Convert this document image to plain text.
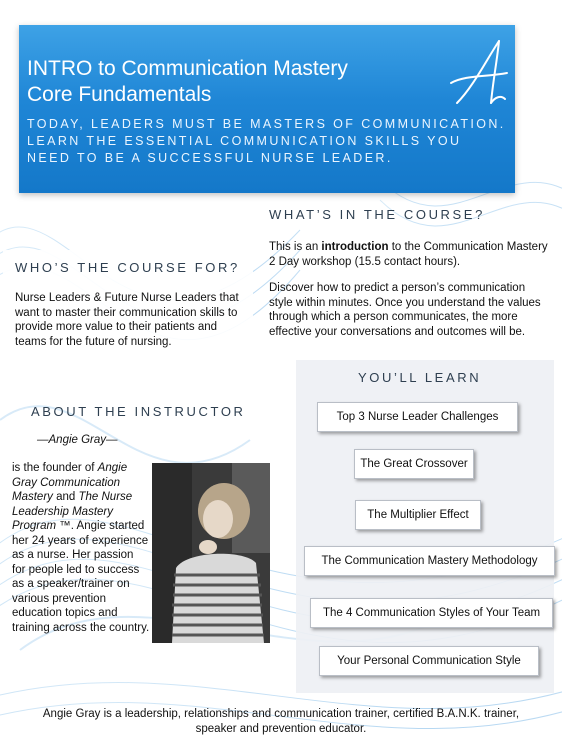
INTRO to Communication Mastery
Core Fundamentals
TODAY, LEADERS MUST BE MASTERS OF COMMUNICATION. LEARN THE ESSENTIAL COMMUNICATION SKILLS YOU NEED TO BE A SUCCESSFUL NURSE LEADER.
WHAT’S IN THE COURSE?
This is an introduction to the Communication Mastery 2 Day workshop (15.5 contact hours).
Discover how to predict a person’s communication style within minutes. Once you understand the values through which a person communicates, the more effective your conversations and outcomes will be.
WHO’S THE COURSE FOR?
Nurse Leaders & Future Nurse Leaders that want to master their communication skills to provide more value to their patients and teams for the future of nursing.
YOU’LL LEARN
Top 3 Nurse Leader Challenges
The Great Crossover
The Multiplier Effect
The Communication Mastery Methodology
The 4 Communication Styles of Your Team
Your Personal Communication Style
ABOUT THE INSTRUCTOR
—Angie Gray—
is the founder of Angie Gray Communication Mastery and The Nurse Leadership Mastery Program ™. Angie started her 24 years of experience as a nurse. Her passion for people led to success as a speaker/trainer on various prevention education topics and training across the country.
Angie Gray is a leadership, relationships and communication trainer, certified B.A.N.K. trainer,
speaker and prevention educator.
